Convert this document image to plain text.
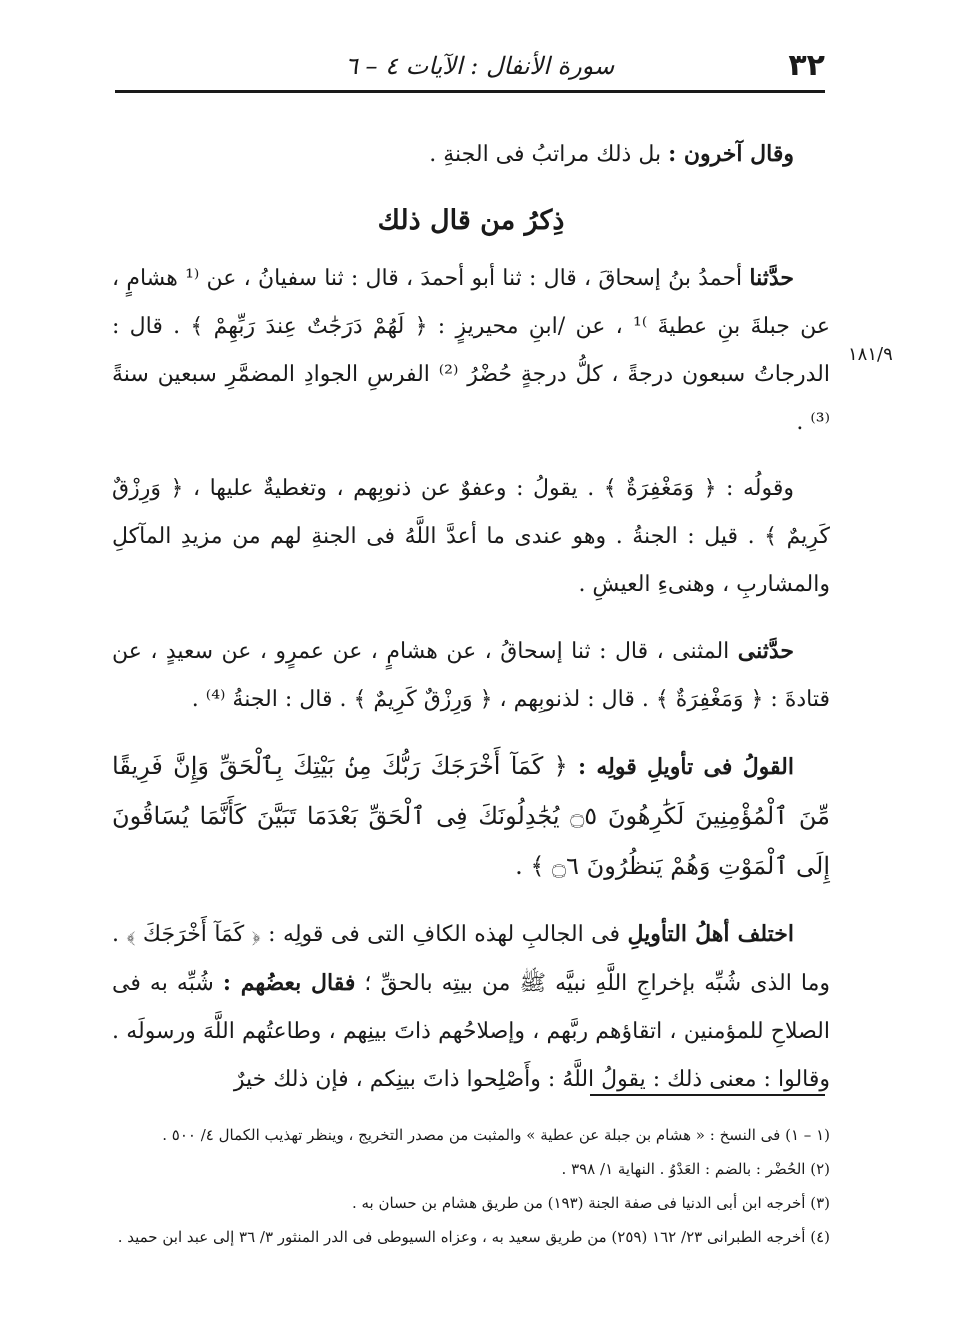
٣٢
سورة الأنفال : الآيات ٤ – ٦
١٨١/٩

وقال آخرون : بل ذلك مراتبُ فى الجنةِ .

ذِكرُ من قال ذلك

حدَّثنا أحمدُ بنُ إسحاقَ ، قال : ثنا أبو أحمدَ ، قال : ثنا سفيانُ ، عن ⁽¹ هشامٍ ، عن جبلةَ بنِ عطيةَ ⁾¹ ، عن /ابنِ محيريزٍ : ﴿ لَهُمْ دَرَجَٰتٌ عِندَ رَبِّهِمْ ﴾ . قال : الدرجاتُ سبعون درجةً ، كلُّ درجةٍ حُضْرُ ⁽²⁾ الفرسِ الجوادِ المضمَّرِ سبعين سنةً ⁽³⁾ .

وقولُه : ﴿ وَمَغْفِرَةٌ ﴾ . يقولُ : وعفوٌ عن ذنوبِهم ، وتغطيةٌ عليها ، ﴿ وَرِزْقٌ كَرِيمٌ ﴾ . قيل : الجنةُ . وهو عندى ما أعدَّ اللَّهُ فى الجنةِ لهم من مزيدِ المآكلِ والمشاربِ ، وهنىءِ العيشِ .

حدَّثنى المثنى ، قال : ثنا إسحاقُ ، عن هشامٍ ، عن عمرٍو ، عن سعيدٍ ، عن قتادةَ : ﴿ وَمَغْفِرَةٌ ﴾ . قال : لذنوبِهم ، ﴿ وَرِزْقٌ كَرِيمٌ ﴾ . قال : الجنةُ ⁽⁴⁾ .

القولُ فى تأويلِ قولِه : ﴿ كَمَآ أَخْرَجَكَ رَبُّكَ مِنۢ بَيْتِكَ بِٱلْحَقِّ وَإِنَّ فَرِيقًا مِّنَ ٱلْمُؤْمِنِينَ لَكَٰرِهُونَ ۝٥ يُجَٰدِلُونَكَ فِى ٱلْحَقِّ بَعْدَمَا تَبَيَّنَ كَأَنَّمَا يُسَاقُونَ إِلَى ٱلْمَوْتِ وَهُمْ يَنظُرُونَ ۝٦ ﴾ .

اختلف أهلُ التأويلِ فى الجالبِ لهذه الكافِ التى فى قولِه : ﴿ كَمَآ أَخْرَجَكَ ﴾ . وما الذى شُبِّه بإخراجِ اللَّهِ نبيَّه ﷺ من بيتِه بالحقِّ ؛ فقال بعضُهم : شُبِّه به فى الصلاحِ للمؤمنين ، اتقاؤهم ربَّهم ، وإصلاحُهم ذاتَ بينِهم ، وطاعتُهم اللَّهَ ورسولَه . وقالوا : معنى ذلك : يقولُ اللَّهُ : وأَصْلِحوا ذاتَ بينِكم ، فإن ذلك خيرٌ

(١ – ١) فى النسخ : « هشام بن جبلة عن عطية » والمثبت من مصدر التخريج ، وينظر تهذيب الكمال ٤/ ٥٠٠ .

(٢) الحُضْر : بالضم : العَدْوُ . النهاية ١/ ٣٩٨ .

(٣) أخرجه ابن أبى الدنيا فى صفة الجنة (١٩٣) من طريق هشام بن حسان به .

(٤) أخرجه الطبرانى ٢٣/ ١٦٢ (٢٥٩) من طريق سعيد به ، وعزاه السيوطى فى الدر المنثور ٣/ ٣٦ إلى عبد ابن حميد .
